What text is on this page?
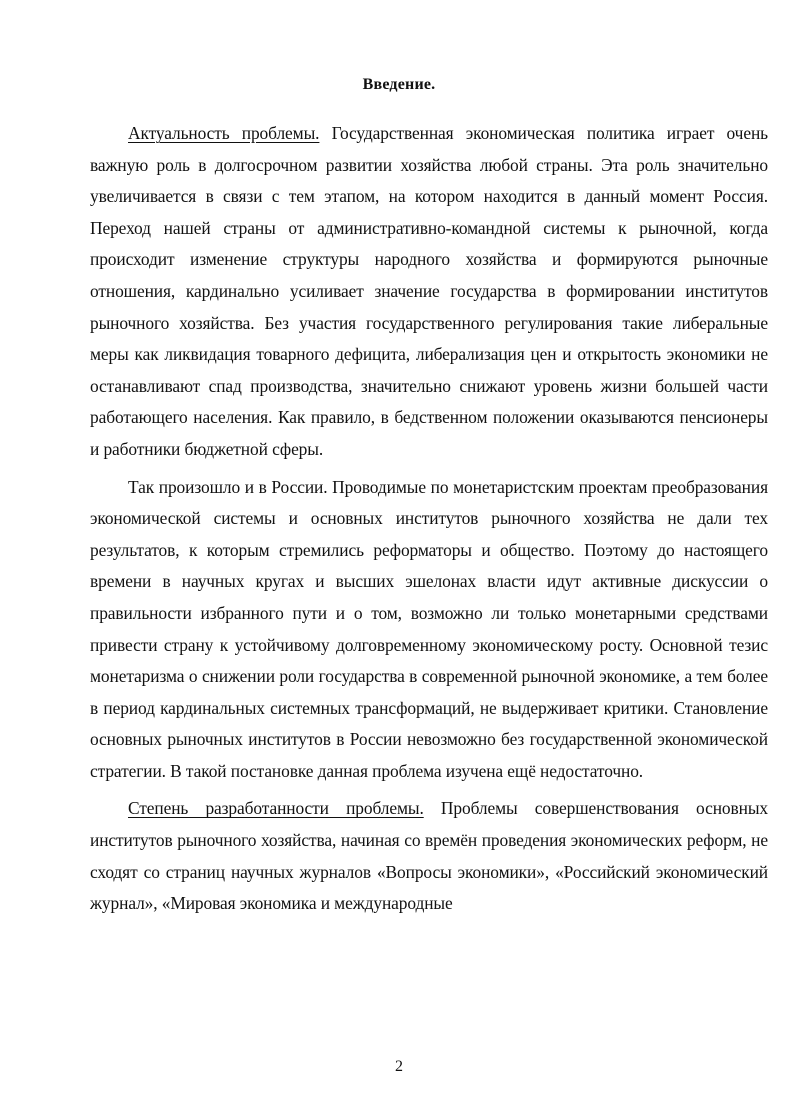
Введение.

Актуальность проблемы. Государственная экономическая политика играет очень важную роль в долгосрочном развитии хозяйства любой страны. Эта роль значительно увеличивается в связи с тем этапом, на котором находится в данный момент Россия. Переход нашей страны от административно-командной системы к рыночной, когда происходит изменение структуры народного хозяйства и формируются рыночные отношения, кардинально усиливает значение государства в формировании институтов рыночного хозяйства. Без участия государственного регулирования такие либеральные меры как ликвидация товарного дефицита, либерализация цен и открытость экономики не останавливают спад производства, значительно снижают уровень жизни большей части работающего населения. Как правило, в бедственном положении оказываются пенсионеры и работники бюджетной сферы.

Так произошло и в России. Проводимые по монетаристским проектам преобразования экономической системы и основных институтов рыночного хозяйства не дали тех результатов, к которым стремились реформаторы и общество. Поэтому до настоящего времени в научных кругах и высших эшелонах власти идут активные дискуссии о правильности избранного пути и о том, возможно ли только монетарными средствами привести страну к устойчивому долговременному экономическому росту. Основной тезис монетаризма о снижении роли государства в современной рыночной экономике, а тем более в период кардинальных системных трансформаций, не выдерживает критики. Становление основных рыночных институтов в России невозможно без государственной экономической стратегии. В такой постановке данная проблема изучена ещё недостаточно.

Степень разработанности проблемы. Проблемы совершенствования основных институтов рыночного хозяйства, начиная со времён проведения экономических реформ, не сходят со страниц научных журналов «Вопросы экономики», «Российский экономический журнал», «Мировая экономика и международные

2
